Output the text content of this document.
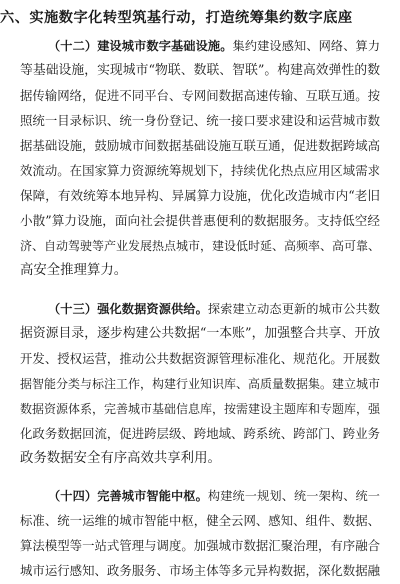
六、实施数字化转型筑基行动，打造统筹集约数字底座
（十二）建设城市数字基础设施。集约建设感知、网络、算力
等基础设施，实现城市“物联、数联、智联”。构建高效弹性的数
据传输网络，促进不同平台、专网间数据高速传输、互联互通。按
照统一目录标识、统一身份登记、统一接口要求建设和运营城市数
据基础设施，鼓励城市间数据基础设施互联互通，促进数据跨域高
效流动。在国家算力资源统筹规划下，持续优化热点应用区域需求
保障，有效统筹本地异构、异属算力设施，优化改造城市内“老旧
小散”算力设施，面向社会提供普惠便利的数据服务。支持低空经
济、自动驾驶等产业发展热点城市，建设低时延、高频率、高可靠、
高安全推理算力。
（十三）强化数据资源供给。探索建立动态更新的城市公共数
据资源目录，逐步构建公共数据“一本账”，加强整合共享、开放
开发、授权运营，推动公共数据资源管理标准化、规范化。开展数
据智能分类与标注工作，构建行业知识库、高质量数据集。建立城市
数据资源体系，完善城市基础信息库，按需建设主题库和专题库，强
化政务数据回流，促进跨层级、跨地域、跨系统、跨部门、跨业务
政务数据安全有序高效共享利用。
（十四）完善城市智能中枢。构建统一规划、统一架构、统一
标准、统一运维的城市智能中枢，健全云网、感知、组件、数据、
算法模型等一站式管理与调度。加强城市数据汇聚治理，有序融合
城市运行感知、政务服务、市场主体等多元异构数据，深化数据融
